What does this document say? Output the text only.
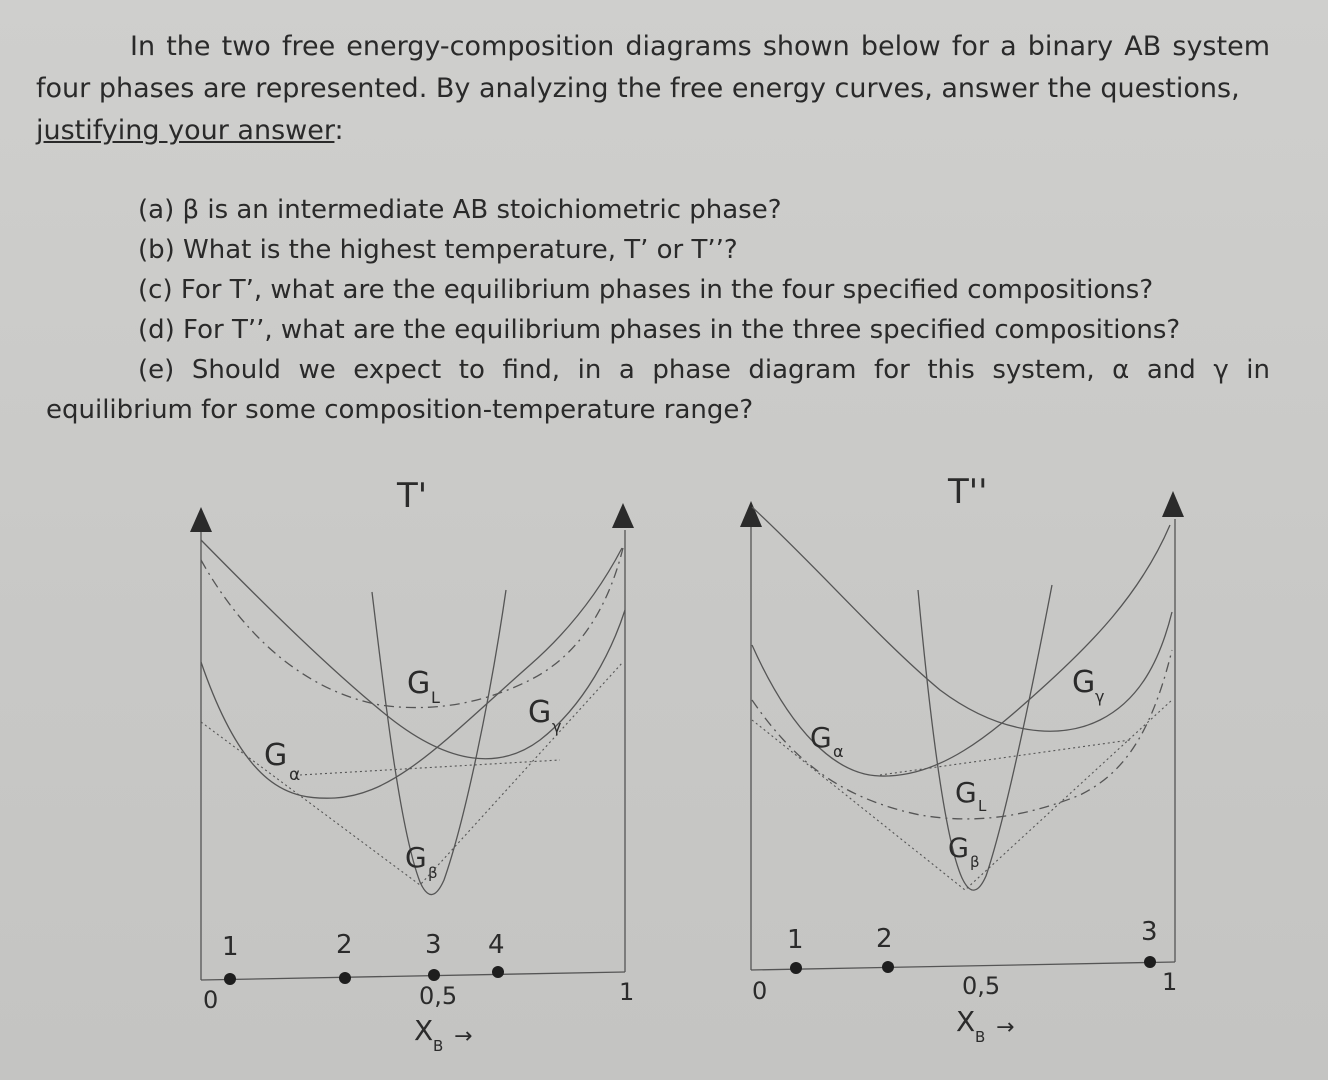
In the two free energy-composition diagrams shown below for a binary AB system four phases are represented. By analyzing the free energy curves, answer the questions,
justifying your answer:

(a) β is an intermediate AB stoichiometric phase?

(b) What is the highest temperature, T’ or T’’?

(c) For T’, what are the equilibrium phases in the four specified compositions?

(d) For T’’, what are the equilibrium phases in the three specified compositions?

(e) Should we expect to find, in a phase diagram for this system, α and γ in equilibrium for some composition-temperature range?

T'
G
α
G L
G β
G γ
1	2	3 4
0	0,5	1
X B →
T''
G α
G L
G β
G γ
1	2	3
0	0,5	1
X B →
